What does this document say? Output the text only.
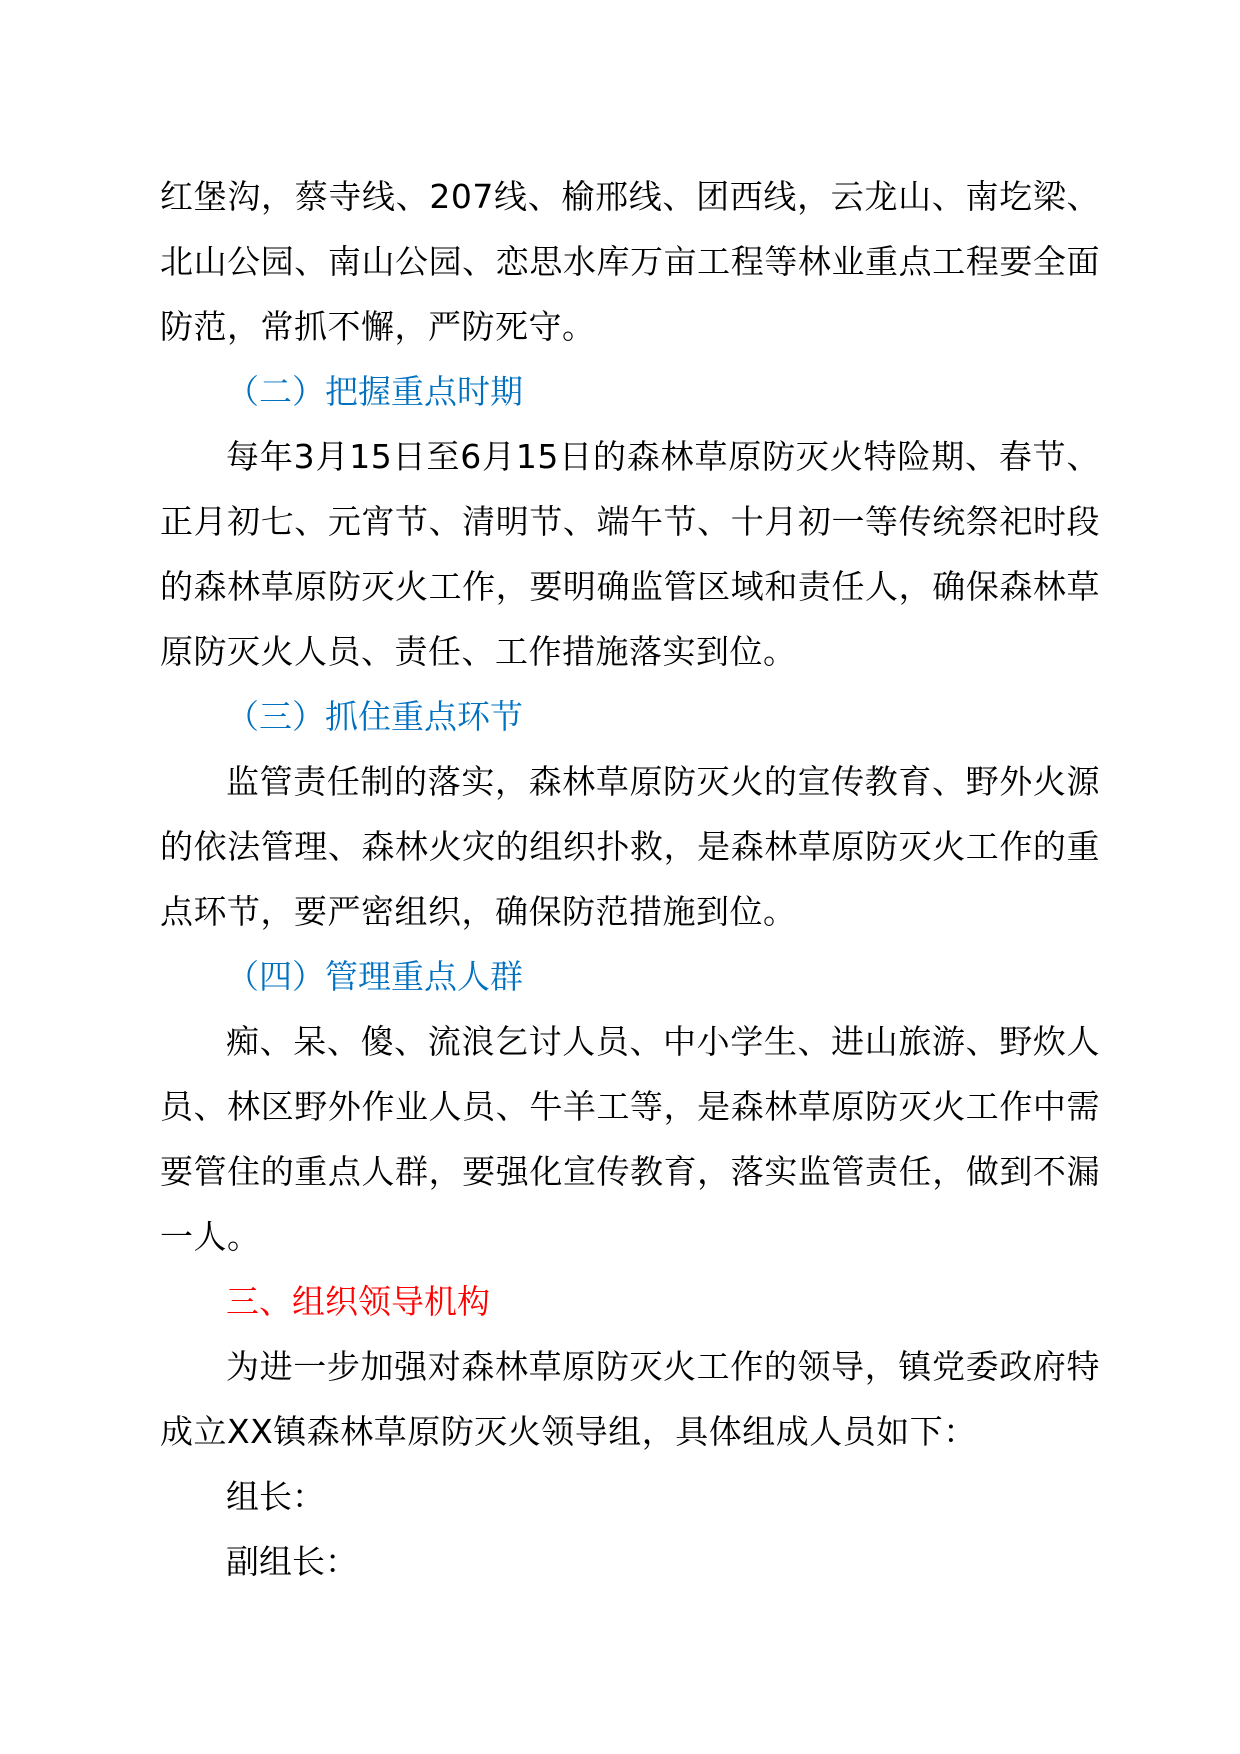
红堡沟，蔡寺线、207线、榆邢线、团西线，云龙山、南圪梁、北山公园、南山公园、恋思水库万亩工程等林业重点工程要全面防范，常抓不懈，严防死守。

（二）把握重点时期

每年3月15日至6月15日的森林草原防灭火特险期、春节、正月初七、元宵节、清明节、端午节、十月初一等传统祭祀时段的森林草原防灭火工作，要明确监管区域和责任人，确保森林草原防灭火人员、责任、工作措施落实到位。

（三）抓住重点环节

监管责任制的落实，森林草原防灭火的宣传教育、野外火源的依法管理、森林火灾的组织扑救，是森林草原防灭火工作的重点环节，要严密组织，确保防范措施到位。

（四）管理重点人群

痴、呆、傻、流浪乞讨人员、中小学生、进山旅游、野炊人员、林区野外作业人员、牛羊工等，是森林草原防灭火工作中需要管住的重点人群，要强化宣传教育，落实监管责任，做到不漏一人。

三、组织领导机构

为进一步加强对森林草原防灭火工作的领导，镇党委政府特成立XX镇森林草原防灭火领导组，具体组成人员如下：

组长：

副组长：
